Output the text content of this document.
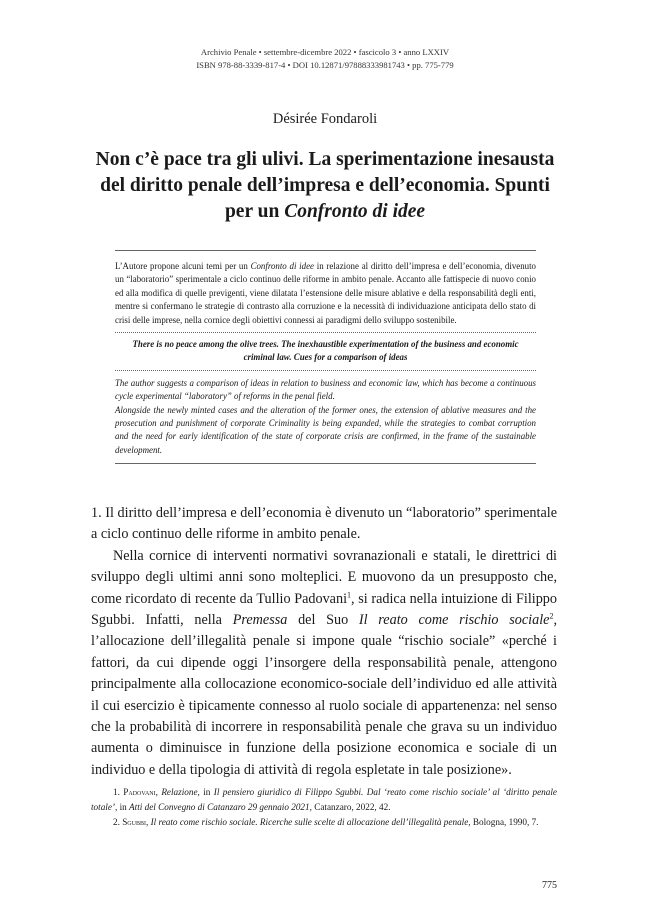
Archivio Penale • settembre-dicembre 2022 • fascicolo 3 • anno LXXIV
ISBN 978-88-3339-817-4 • DOI 10.12871/97888333981743 • pp. 775-779
Désirée Fondaroli
Non c’è pace tra gli ulivi. La sperimentazione inesausta del diritto penale dell’impresa e dell’economia. Spunti per un Confronto di idee

L’Autore propone alcuni temi per un Confronto di idee in relazione al diritto dell’impresa e dell’economia, divenuto un “laboratorio” sperimentale a ciclo continuo delle riforme in ambito penale. Accanto alle fattispecie di nuovo conio ed alla modifica di quelle previgenti, viene dilatata l’estensione delle misure ablative e della responsabilità degli enti, mentre si confermano le strategie di contrasto alla corruzione e la necessità di individuazione anticipata dello stato di crisi delle imprese, nella cornice degli obiettivi connessi ai paradigmi dello sviluppo sostenibile.

There is no peace among the olive trees. The inexhaustible experimentation of the business and economic criminal law. Cues for a comparison of ideas

The author suggests a comparison of ideas in relation to business and economic law, which has become a continuous cycle experimental “laboratory” of reforms in the penal field.

Alongside the newly minted cases and the alteration of the former ones, the extension of ablative measures and the prosecution and punishment of corporate Criminality is being expanded, while the strategies to combat corruption and the need for early identification of the state of corporate crisis are confirmed, in the frame of the sustainable development.

1. Il diritto dell’impresa e dell’economia è divenuto un “laboratorio” sperimentale a ciclo continuo delle riforme in ambito penale.

Nella cornice di interventi normativi sovranazionali e statali, le direttrici di sviluppo degli ultimi anni sono molteplici. E muovono da un presupposto che, come ricordato di recente da Tullio Padovani$^1$, si radica nella intuizione di Filippo Sgubbi. Infatti, nella Premessa del Suo Il reato come rischio sociale$^2$, l’allocazione dell’illegalità penale si impone quale “rischio sociale” «perché i fattori, da cui dipende oggi l’insorgere della responsabilità penale, attengono principalmente alla collocazione economico-sociale dell’individuo ed alle attività il cui esercizio è tipicamente connesso al ruolo sociale di appartenenza: nel senso che la probabilità di incorrere in responsabilità penale che grava su un individuo aumenta o diminuisce in funzione della posizione economica e sociale di un individuo e della tipologia di attività di regola espletate in tale posizione».

1. Padovani, Relazione, in Il pensiero giuridico di Filippo Sgubbi. Dal ‘reato come rischio sociale’ al ‘diritto penale totale’, in Atti del Convegno di Catanzaro 29 gennaio 2021, Catanzaro, 2022, 42.

2. Sgubbi, Il reato come rischio sociale. Ricerche sulle scelte di allocazione dell’illegalità penale, Bologna, 1990, 7.

775
